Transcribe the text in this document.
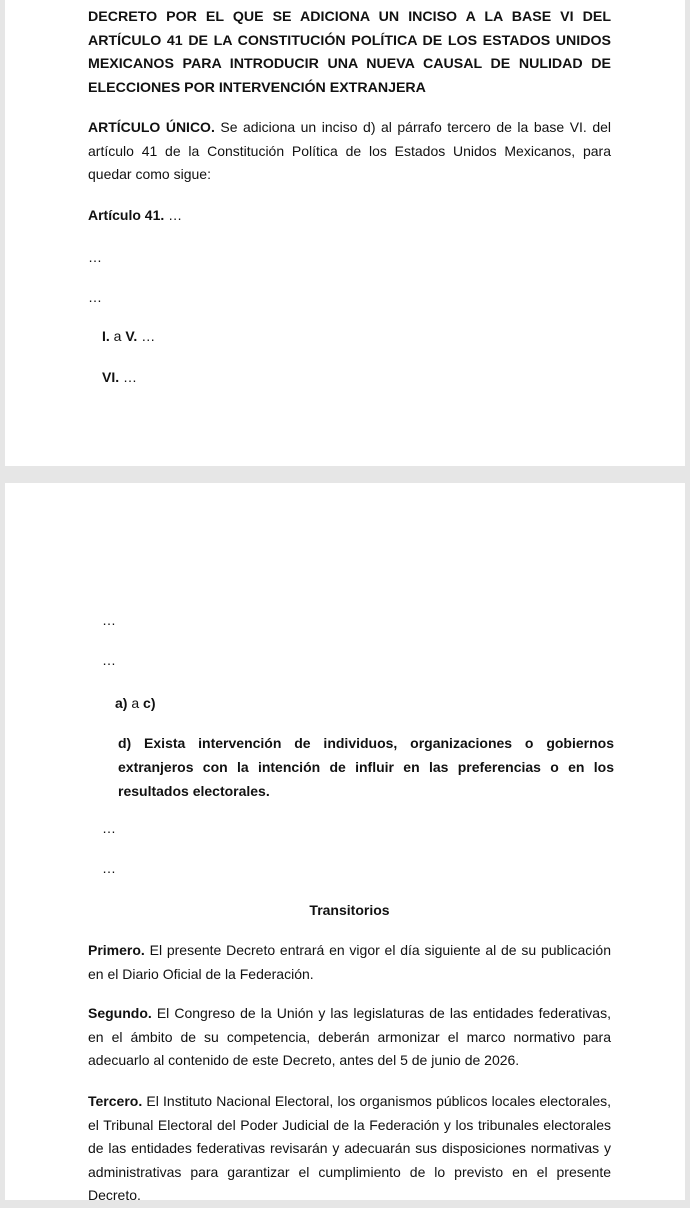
DECRETO POR EL QUE SE ADICIONA UN INCISO A LA BASE VI DEL ARTÍCULO 41 DE LA CONSTITUCIÓN POLÍTICA DE LOS ESTADOS UNIDOS MEXICANOS PARA INTRODUCIR UNA NUEVA CAUSAL DE NULIDAD DE ELECCIONES POR INTERVENCIÓN EXTRANJERA

ARTÍCULO ÚNICO. Se adiciona un inciso d) al párrafo tercero de la base VI. del artículo 41 de la Constitución Política de los Estados Unidos Mexicanos, para quedar como sigue:

Artículo 41. …

…

…

I. a V. …

VI. …

…

…

a) a c)

d) Exista intervención de individuos, organizaciones o gobiernos extranjeros con la intención de influir en las preferencias o en los resultados electorales.

…

…

Transitorios

Primero. El presente Decreto entrará en vigor el día siguiente al de su publicación en el Diario Oficial de la Federación.

Segundo. El Congreso de la Unión y las legislaturas de las entidades federativas, en el ámbito de su competencia, deberán armonizar el marco normativo para adecuarlo al contenido de este Decreto, antes del 5 de junio de 2026.

Tercero. El Instituto Nacional Electoral, los organismos públicos locales electorales, el Tribunal Electoral del Poder Judicial de la Federación y los tribunales electorales de las entidades federativas revisarán y adecuarán sus disposiciones normativas y administrativas para garantizar el cumplimiento de lo previsto en el presente Decreto.
